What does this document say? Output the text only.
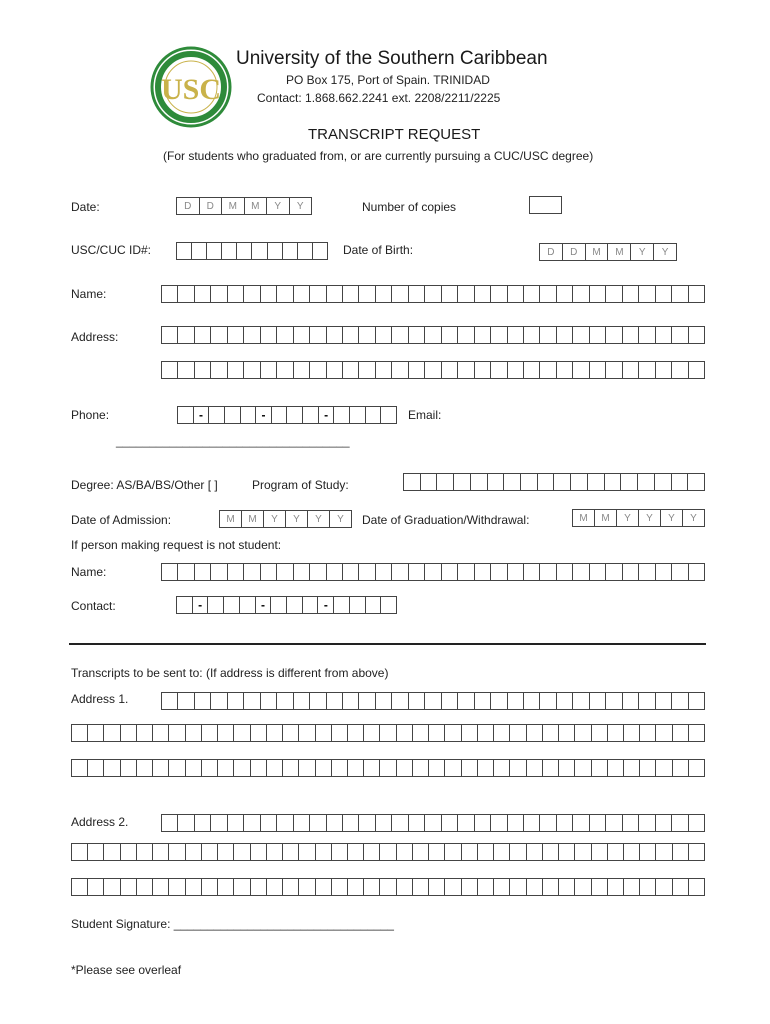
USC
University of the Southern Caribbean
PO Box 175, Port of Spain. TRINIDAD
Contact: 1.868.662.2241 ext. 2208/2211/2225
TRANSCRIPT REQUEST
(For students who graduated from, or are currently pursuing a CUC/USC degree)
Date:	D	D	M	M	Y	Y	Number of copies
USC/CUC ID#:	Date of Birth:	D	D	M	M	Y	Y
Name:
Address:
Phone:	-	-	-	Email:
___________________________________
Degree: AS/BA/BS/Other [ ]	Program of Study:
Date of Admission:	M	M	Y	Y	Y	Y	Date of Graduation/Withdrawal:	M	M	Y	Y	Y	Y
If person making request is not student:
Name:
Contact:	-	-	-
Transcripts to be sent to: (If address is different from above)
Address 1.
Address 2.
Student Signature: _________________________________
*Please see overleaf
